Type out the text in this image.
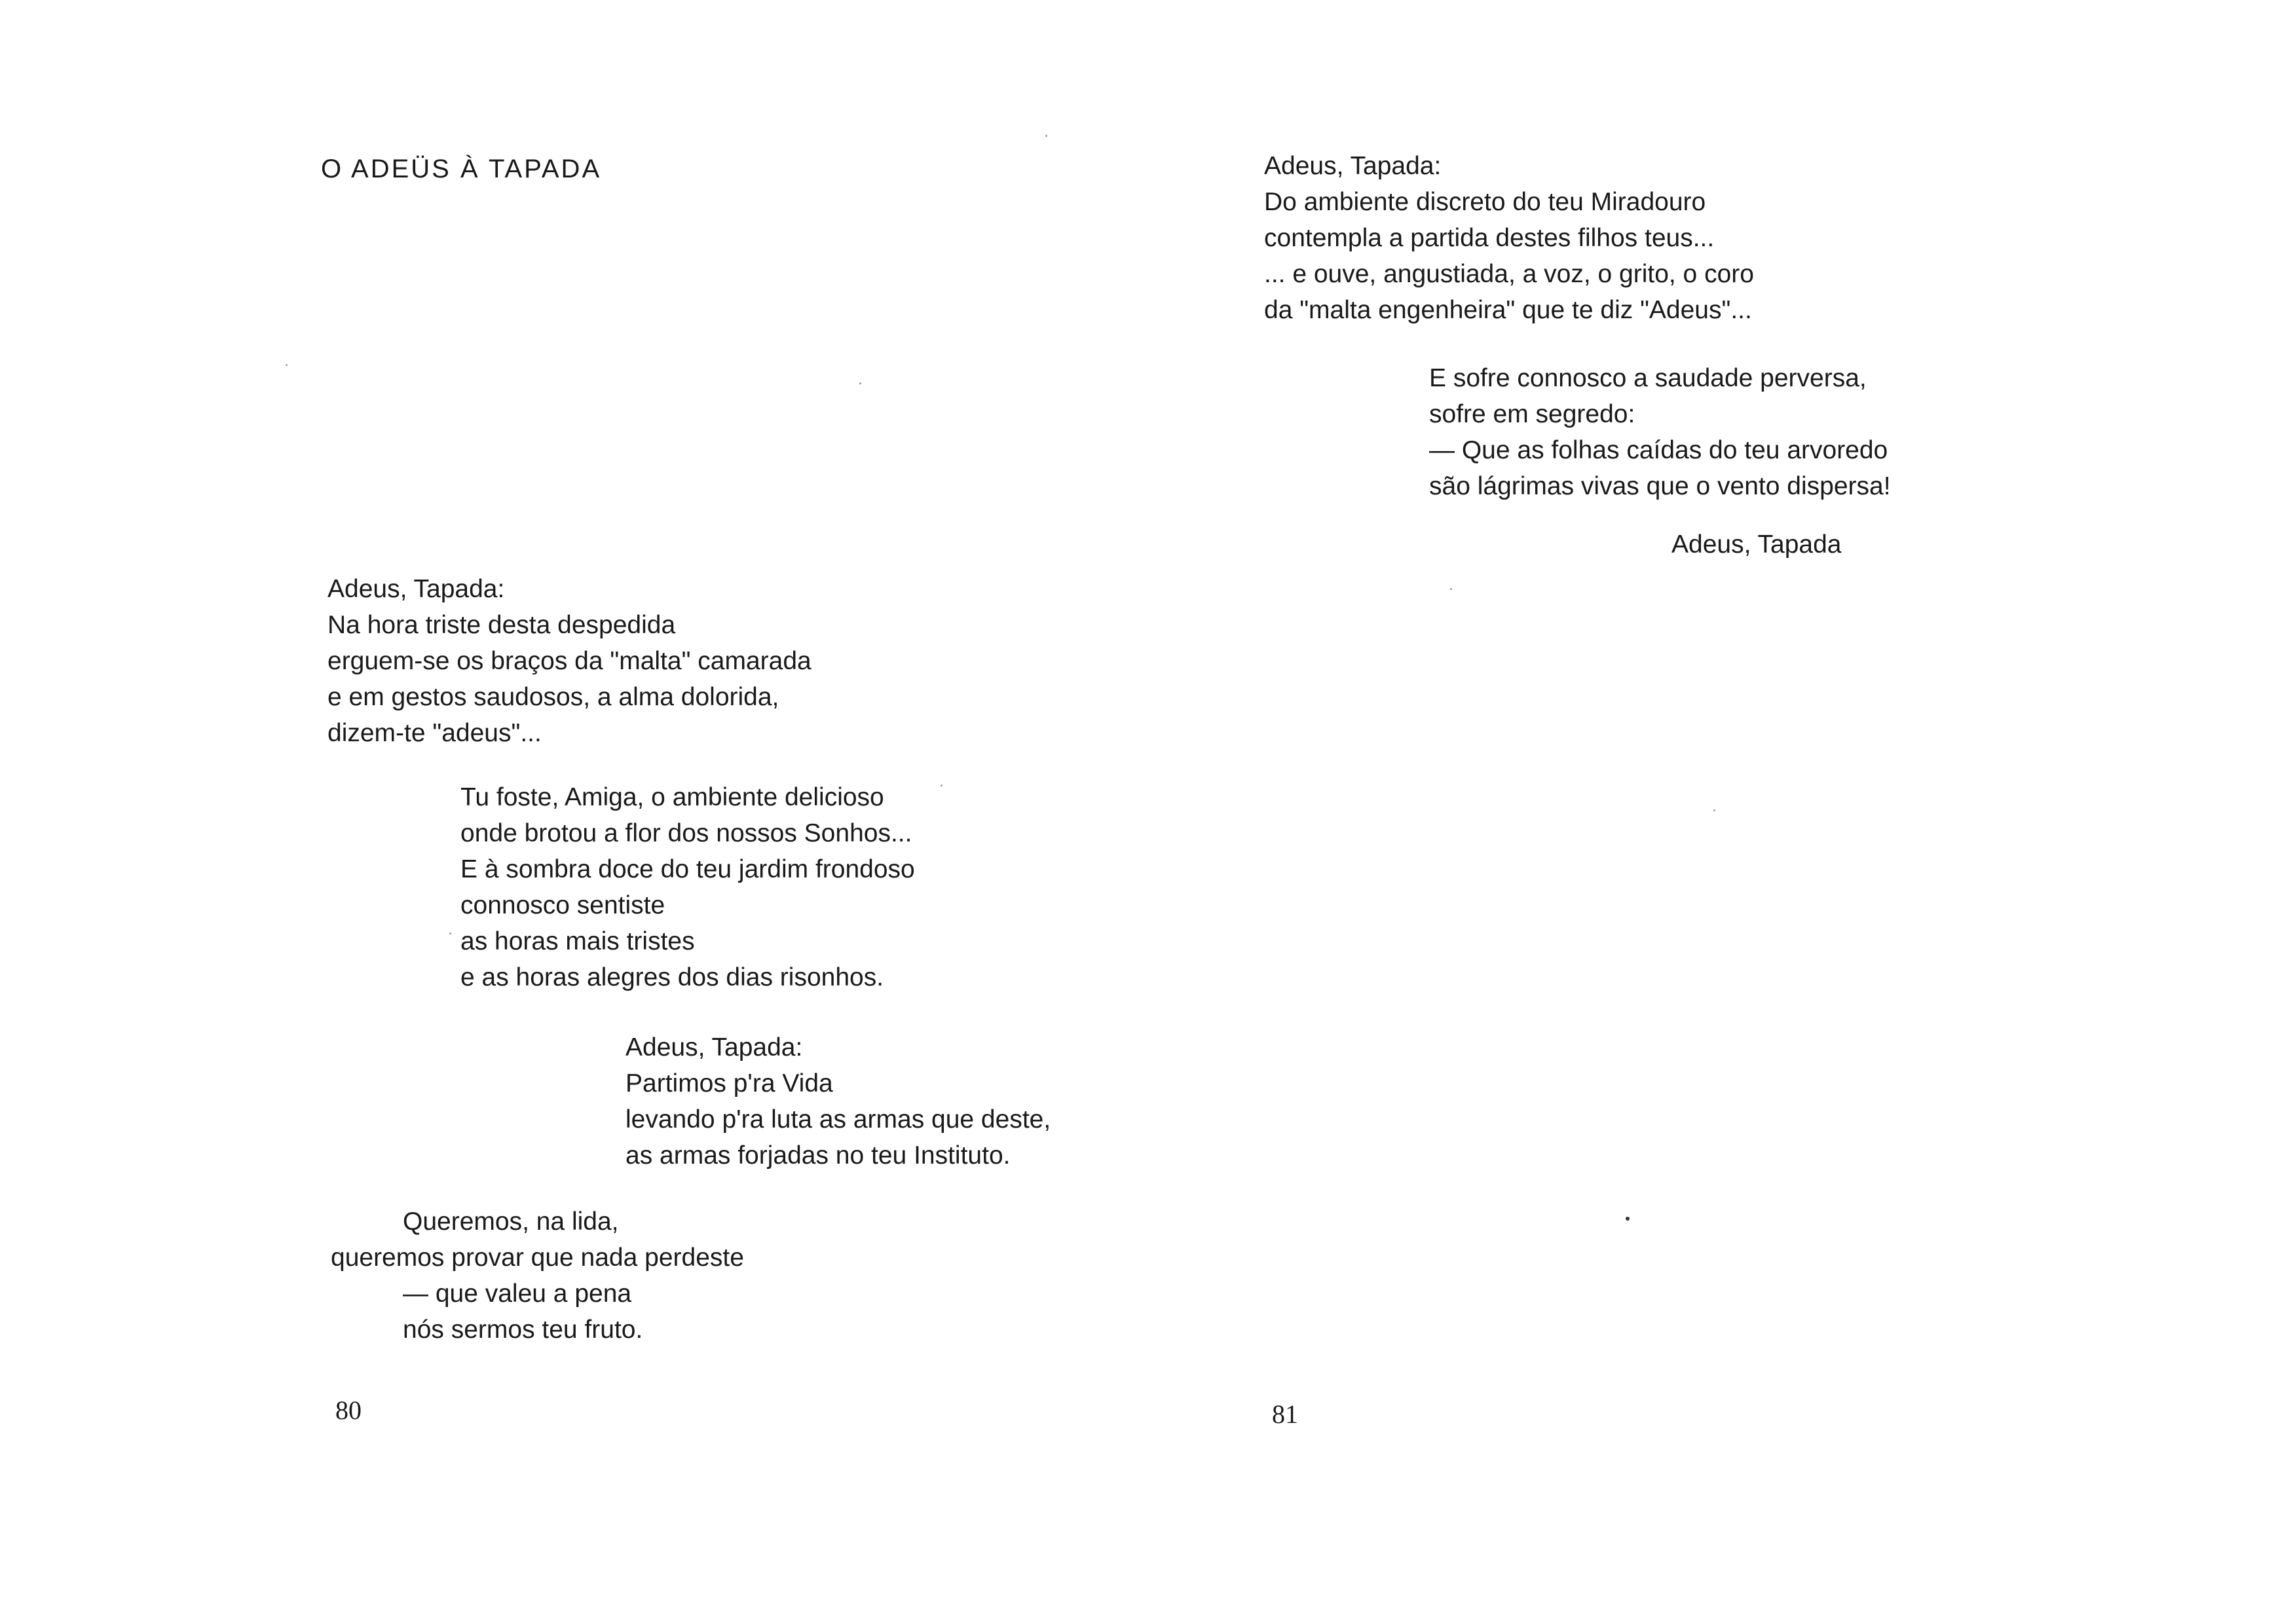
O ADEÜS À TAPADA
Adeus, Tapada:
Na hora triste desta despedida
erguem-se os braços da "malta" camarada
e em gestos saudosos, a alma dolorida,
dizem-te "adeus"...
Tu foste, Amiga, o ambiente delicioso
onde brotou a flor dos nossos Sonhos...
E à sombra doce do teu jardim frondoso
connosco sentiste
as horas mais tristes
e as horas alegres dos dias risonhos.
Adeus, Tapada:
Partimos p'ra Vida
levando p'ra luta as armas que deste,
as armas forjadas no teu Instituto.
Queremos, na lida,
queremos provar que nada perdeste
— que valeu a pena
nós sermos teu fruto.
80
Adeus, Tapada:
Do ambiente discreto do teu Miradouro
contempla a partida destes filhos teus...
... e ouve, angustiada, a voz, o grito, o coro
da "malta engenheira" que te diz "Adeus"...
E sofre connosco a saudade perversa,
sofre em segredo:
— Que as folhas caídas do teu arvoredo
são lágrimas vivas que o vento dispersa!
Adeus, Tapada
81
